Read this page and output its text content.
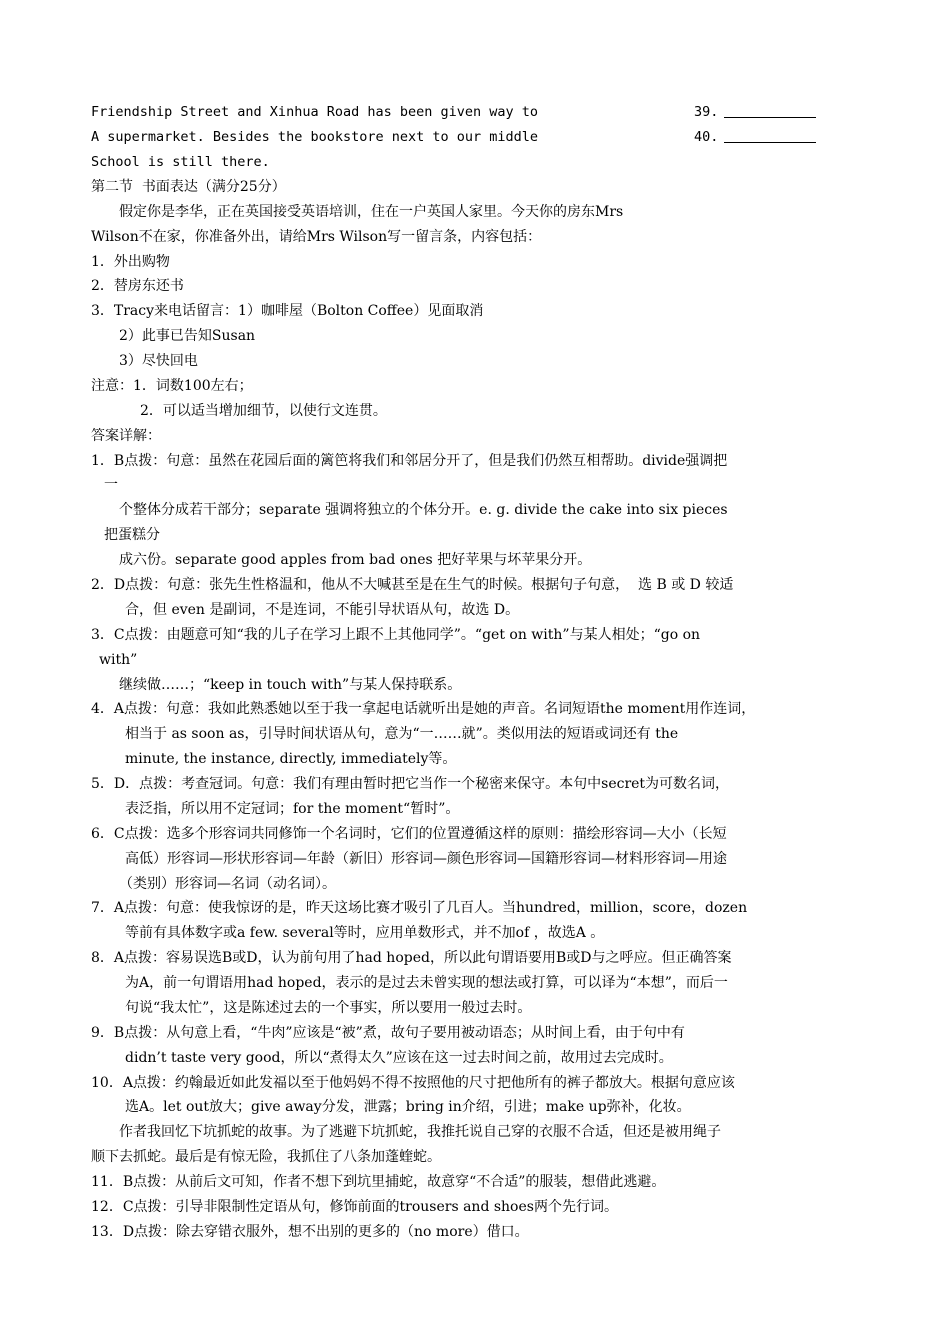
Friendship Street and Xinhua Road has been given way to	39.
A supermarket. Besides the bookstore next to our middle	40.
School is still there.
第二节  书面表达（满分25分）
假定你是李华，正在英国接受英语培训，住在一户英国人家里。今天你的房东Mrs
Wilson不在家，你准备外出，请给Mrs Wilson写一留言条，内容包括：
1．外出购物
2．替房东还书
3．Tracy来电话留言：1）咖啡屋（Bolton Coffee）见面取消
2）此事已告知Susan
3）尽快回电
注意：1．词数100左右；
2．可以适当增加细节，以使行文连贯。
答案详解：
1．B点拨：句意：虽然在花园后面的篱笆将我们和邻居分开了，但是我们仍然互相帮助。divide强调把
一
个整体分成若干部分；separate 强调将独立的个体分开。e. g. divide the cake into six pieces
把蛋糕分
成六份。separate good apples from bad ones 把好苹果与坏苹果分开。
2．D点拨：句意：张先生性格温和，他从不大喊甚至是在生气的时候。根据句子句意，  选 B 或 D 较适
合，但 even 是副词，不是连词，不能引导状语从句，故选 D。
3．C点拨：由题意可知“我的儿子在学习上跟不上其他同学”。“get on with”与某人相处；“go on
with”
继续做……；“keep in touch with”与某人保持联系。
4．A点拨：句意：我如此熟悉她以至于我一拿起电话就听出是她的声音。名词短语the moment用作连词，
相当于 as soon as，引导时间状语从句，意为“一……就”。类似用法的短语或词还有 the
minute, the instance, directly, immediately等。
5．D．点拨：考查冠词。句意：我们有理由暂时把它当作一个秘密来保守。本句中secret为可数名词，
表泛指，所以用不定冠词；for the moment“暂时”。
6．C点拨：选多个形容词共同修饰一个名词时，它们的位置遵循这样的原则：描绘形容词—大小（长短
高低）形容词—形状形容词—年龄（新旧）形容词—颜色形容词—国籍形容词—材料形容词—用途
（类别）形容词—名词（动名词）。
7．A点拨：句意：使我惊讶的是，昨天这场比赛才吸引了几百人。当hundred，million，score，dozen
等前有具体数字或a few. several等时，应用单数形式，并不加of ，故选A 。
8．A点拨：容易误选B或D，认为前句用了had hoped，所以此句谓语要用B或D与之呼应。但正确答案
为A，前一句谓语用had hoped，表示的是过去未曾实现的想法或打算，可以译为“本想”，而后一
句说“我太忙”，这是陈述过去的一个事实，所以要用一般过去时。
9．B点拨：从句意上看，“牛肉”应该是“被”煮，故句子要用被动语态；从时间上看，由于句中有
didn’t taste very good，所以“煮得太久”应该在这一过去时间之前，故用过去完成时。
10．A点拨：约翰最近如此发福以至于他妈妈不得不按照他的尺寸把他所有的裤子都放大。根据句意应该
选A。let out放大；give away分发，泄露；bring in介绍，引进；make up弥补，化妆。
作者我回忆下坑抓蛇的故事。为了逃避下坑抓蛇，我推托说自己穿的衣服不合适，但还是被用绳子
顺下去抓蛇。最后是有惊无险，我抓住了八条加蓬蝰蛇。
11．B点拨：从前后文可知，作者不想下到坑里捕蛇，故意穿“不合适”的服装，想借此逃避。
12．C点拨：引导非限制性定语从句，修饰前面的trousers and shoes两个先行词。
13．D点拨：除去穿错衣服外，想不出别的更多的（no more）借口。
